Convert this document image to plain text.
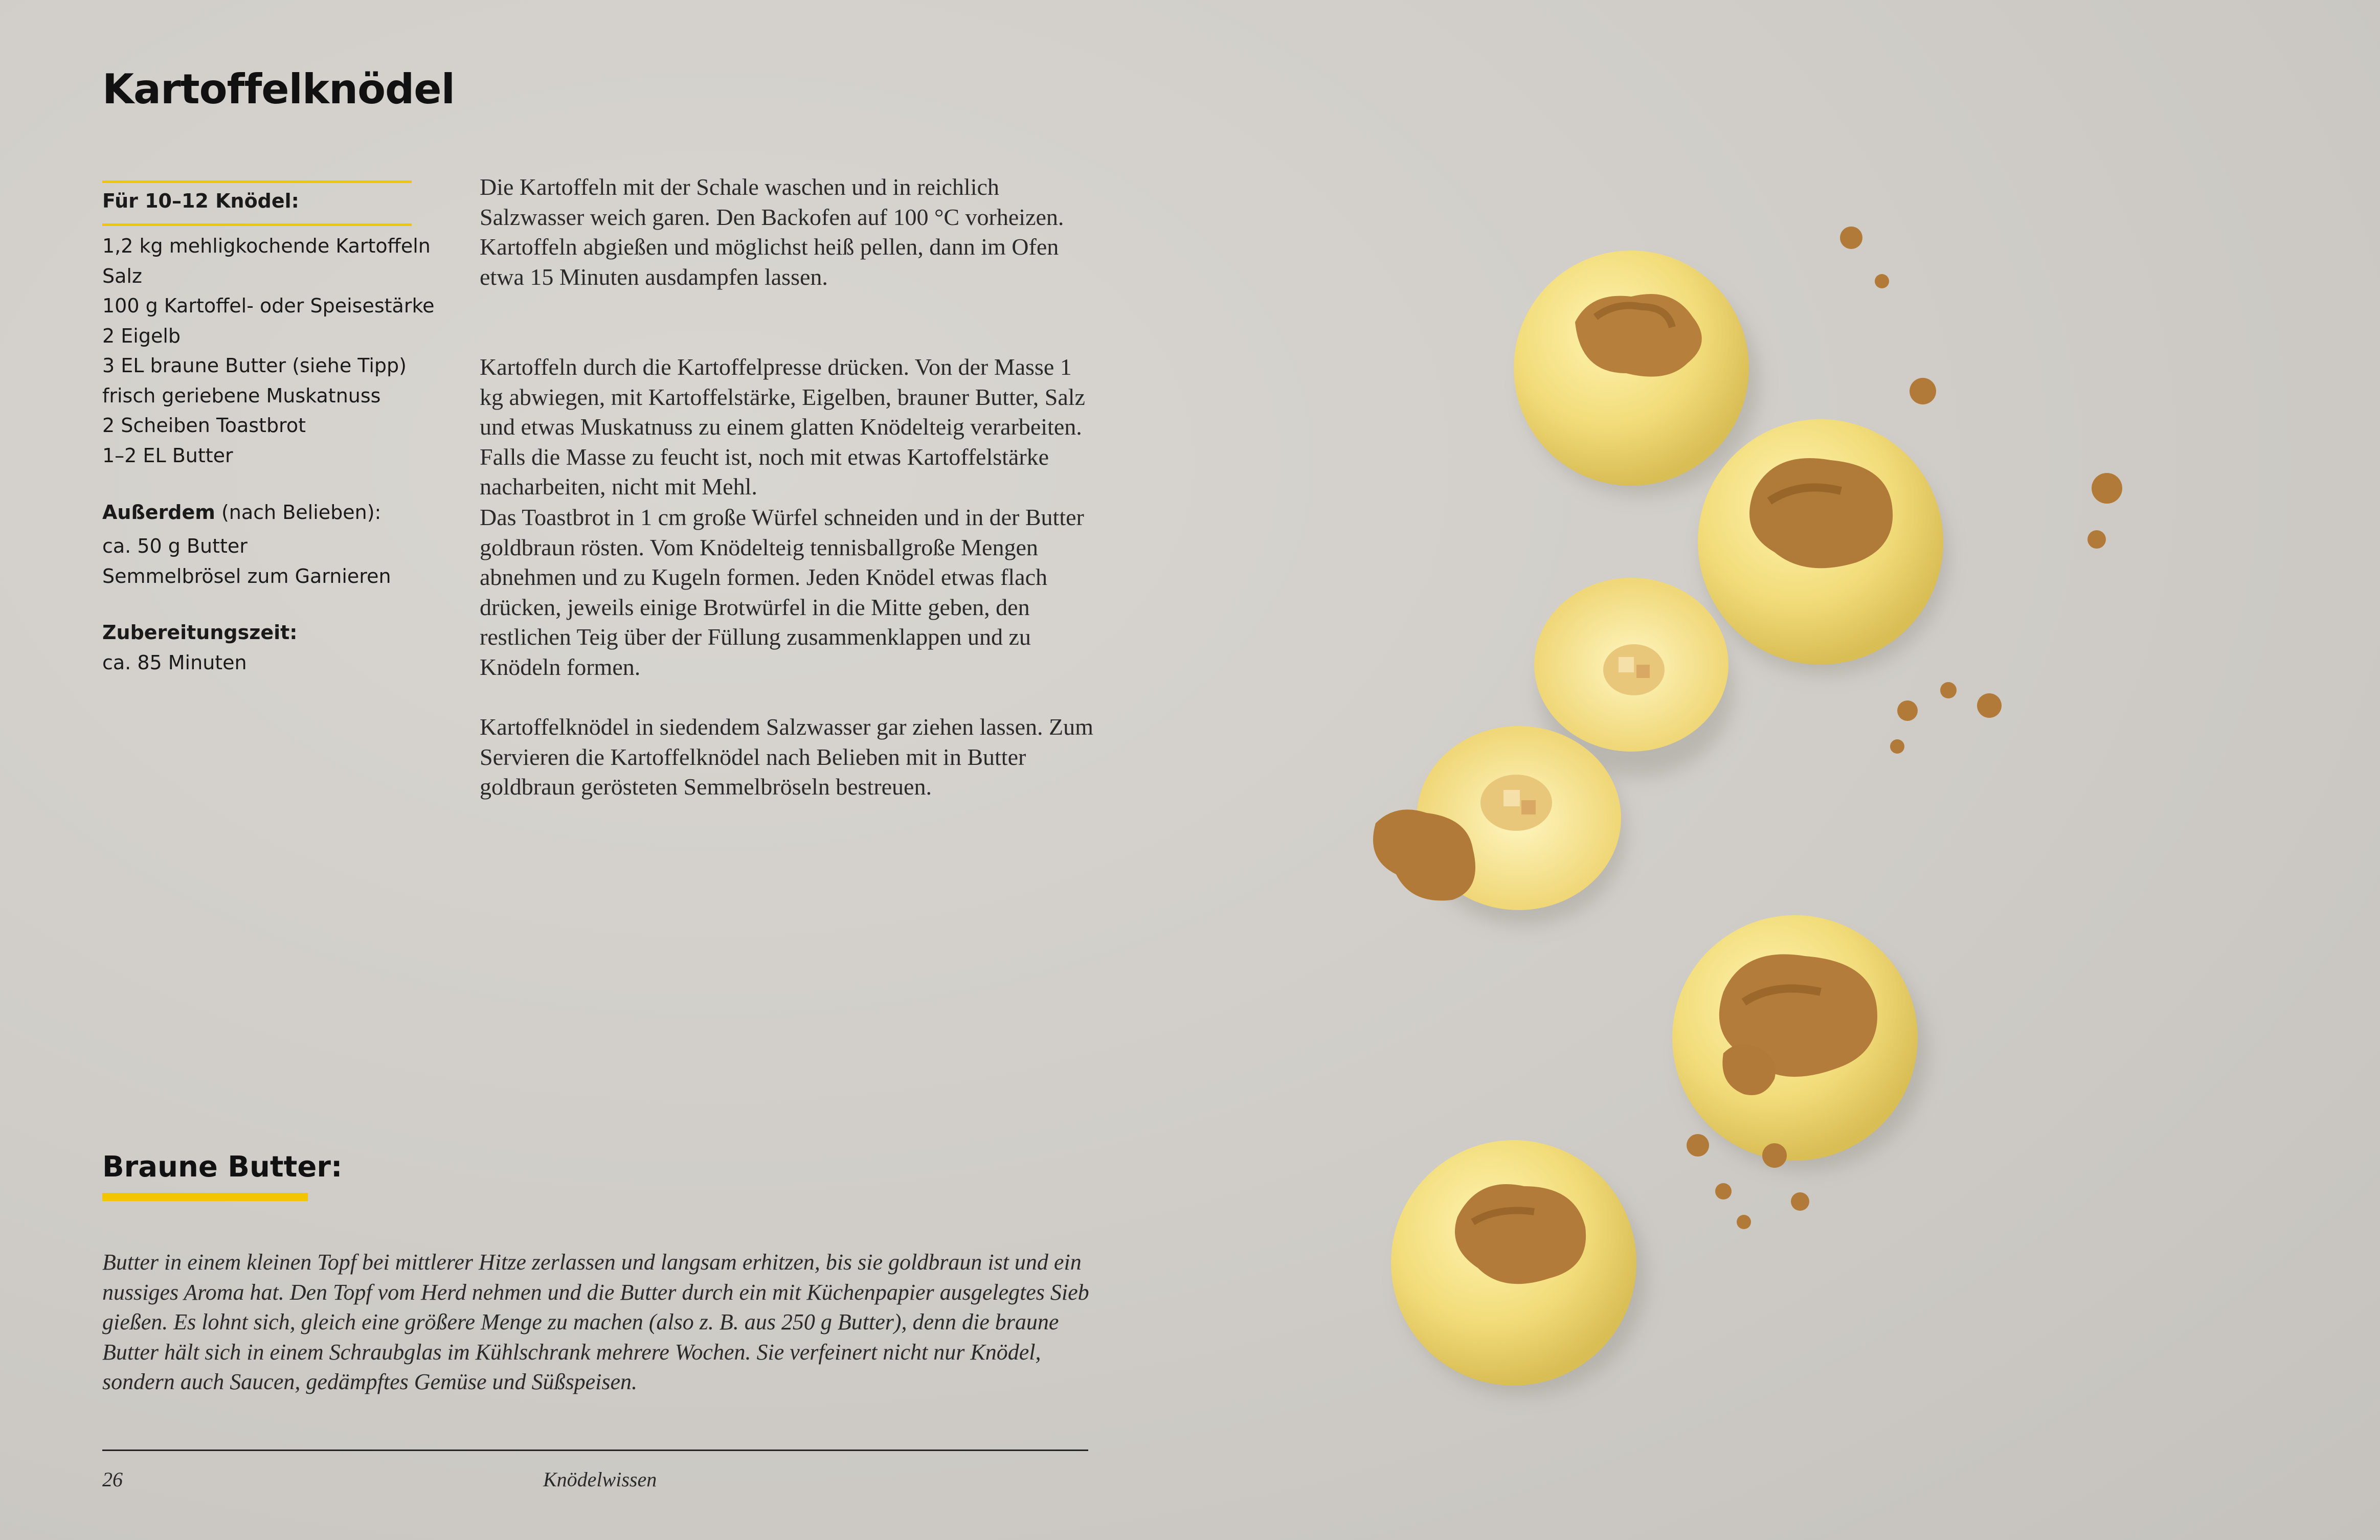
Kartoffelknödel
Für 10–12 Knödel:
1,2 kg mehligkochende Kartoffeln
Salz
100 g Kartoffel- oder Speisestärke
2 Eigelb
3 EL braune Butter (siehe Tipp)
frisch geriebene Muskatnuss
2 Scheiben Toastbrot
1–2 EL Butter
Außerdem (nach Belieben):
ca. 50 g Butter
Semmelbrösel zum Garnieren
Zubereitungszeit:
ca. 85 Minuten

Die Kartoffeln mit der Schale waschen und in reichlich Salzwasser weich garen. Den Backofen auf 100 °C vorheizen. Kartoffeln abgießen und möglichst heiß pellen, dann im Ofen etwa 15 Minuten ausdampfen lassen.

Kartoffeln durch die Kartoffelpresse drücken. Von der Masse 1 kg abwiegen, mit Kartoffelstärke, Eigelben, brauner Butter, Salz und etwas Muskatnuss zu einem glatten Knödelteig verarbeiten. Falls die Masse zu feucht ist, noch mit etwas Kartoffelstärke nacharbeiten, nicht mit Mehl.

Das Toastbrot in 1 cm große Würfel schneiden und in der Butter goldbraun rösten. Vom Knödelteig tennisballgroße Mengen abnehmen und zu Kugeln formen. Jeden Knödel etwas flach drücken, jeweils einige Brotwürfel in die Mitte geben, den restlichen Teig über der Füllung zusammenklappen und zu Knödeln formen.

Kartoffelknödel in siedendem Salzwasser gar ziehen lassen. Zum Servieren die Kartoffelknödel nach Belieben mit in Butter goldbraun gerösteten Semmelbröseln bestreuen.

Braune Butter:

Butter in einem kleinen Topf bei mittlerer Hitze zerlassen und langsam erhitzen, bis sie goldbraun ist und ein nussiges Aroma hat. Den Topf vom Herd nehmen und die Butter durch ein mit Küchenpapier ausgelegtes Sieb gießen. Es lohnt sich, gleich eine größere Menge zu machen (also z. B. aus 250 g Butter), denn die braune Butter hält sich in einem Schraubglas im Kühlschrank mehrere Wochen. Sie verfeinert nicht nur Knödel, sondern auch Saucen, gedämpftes Gemüse und Süßspeisen.

26	Knödelwissen
